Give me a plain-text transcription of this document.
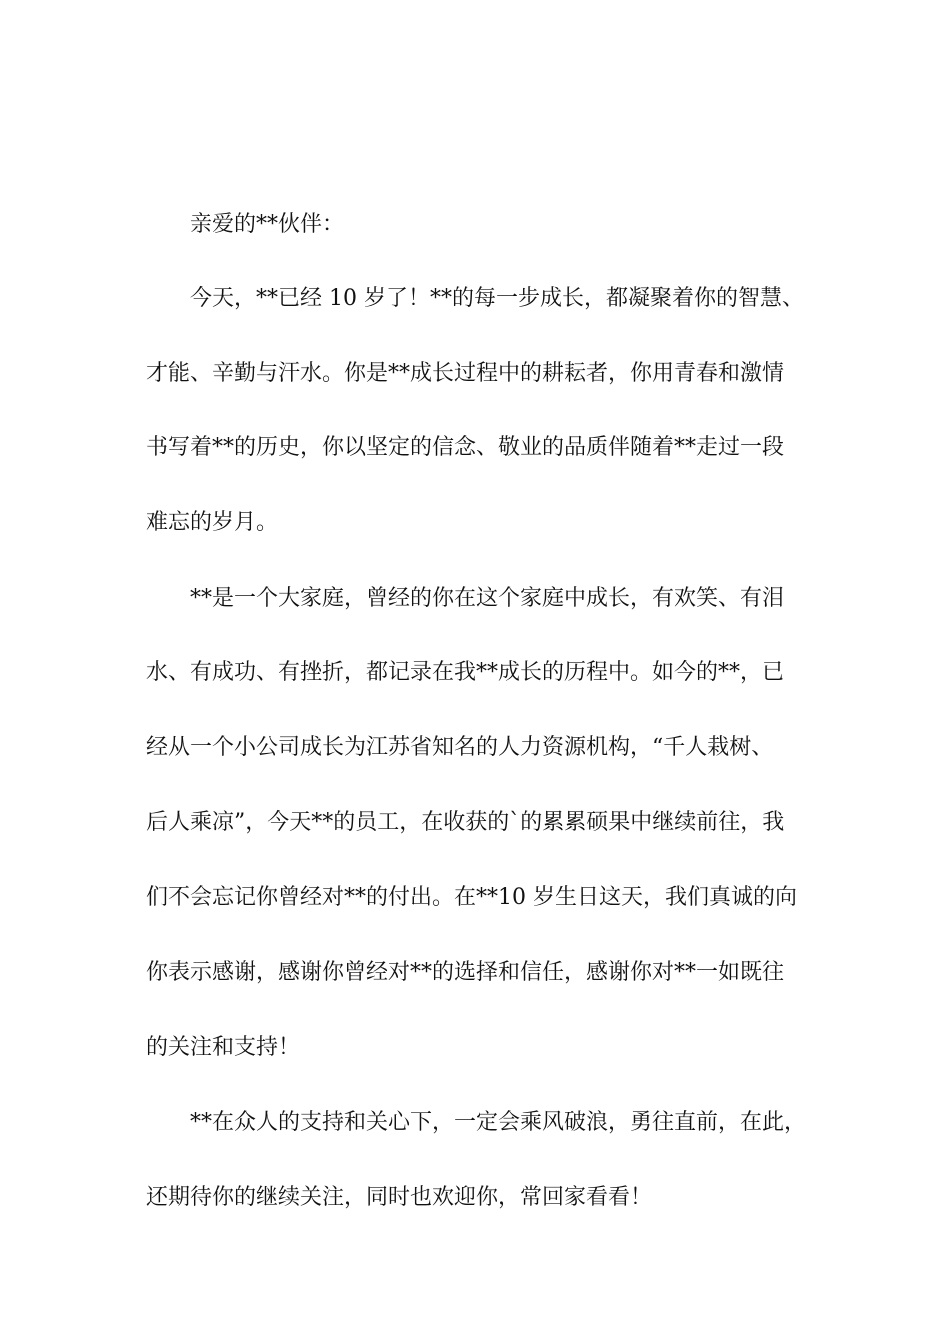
亲爱的**伙伴：
今天，**已经 10 岁了！**的每一步成长，都凝聚着你的智慧、
才能、辛勤与汗水。你是**成长过程中的耕耘者，你用青春和激情
书写着**的历史，你以坚定的信念、敬业的品质伴随着**走过一段
难忘的岁月。
**是一个大家庭，曾经的你在这个家庭中成长，有欢笑、有泪
水、有成功、有挫折，都记录在我**成长的历程中。如今的**，已
经从一个小公司成长为江苏省知名的人力资源机构，“千人栽树、
后人乘凉”，今天**的员工，在收获的`的累累硕果中继续前往，我
们不会忘记你曾经对**的付出。在**10 岁生日这天，我们真诚的向
你表示感谢，感谢你曾经对**的选择和信任，感谢你对**一如既往
的关注和支持！
**在众人的支持和关心下，一定会乘风破浪，勇往直前，在此，
还期待你的继续关注，同时也欢迎你，常回家看看！
